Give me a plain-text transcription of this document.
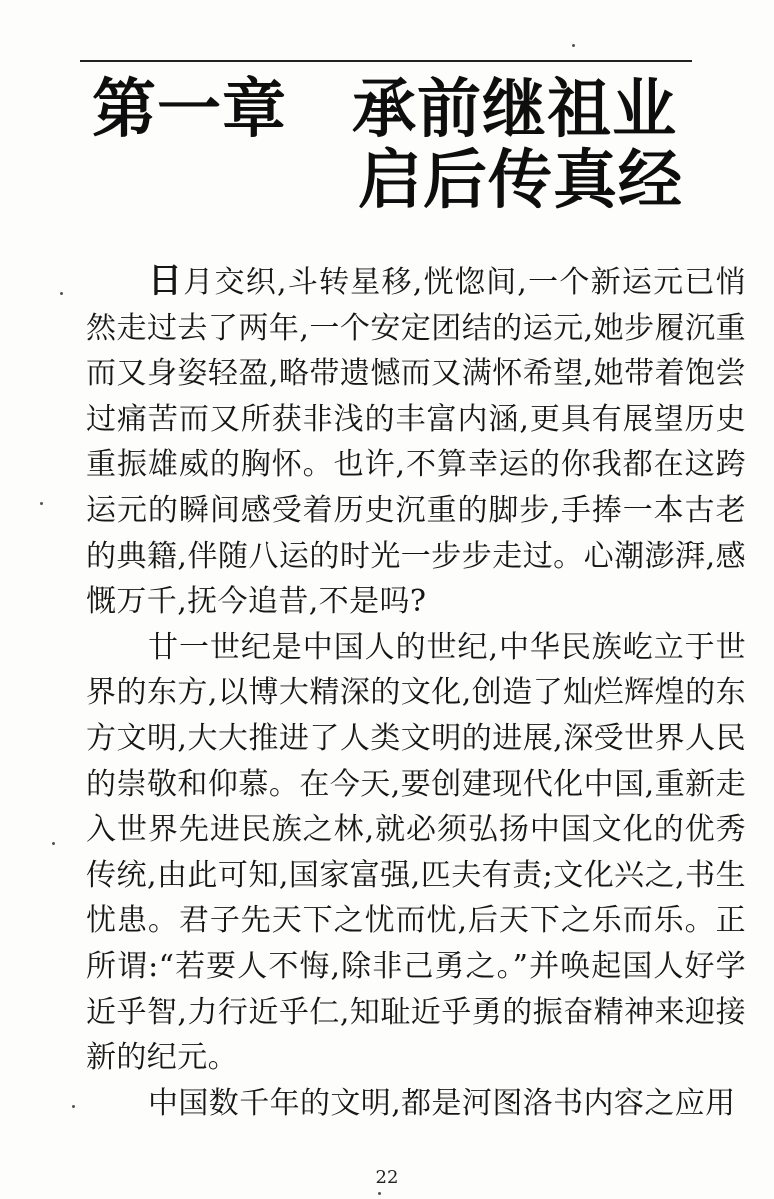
第一章 承前继祖业
启后传真经

日月交织,斗转星移,恍惚间,一个新运元已悄然走过去了两年,一个安定团结的运元,她步履沉重而又身姿轻盈,略带遗憾而又满怀希望,她带着饱尝过痛苦而又所获非浅的丰富内涵,更具有展望历史重振雄威的胸怀。也许,不算幸运的你我都在这跨运元的瞬间感受着历史沉重的脚步,手捧一本古老的典籍,伴随八运的时光一步步走过。心潮澎湃,感慨万千,抚今追昔,不是吗?

廿一世纪是中国人的世纪,中华民族屹立于世界的东方,以博大精深的文化,创造了灿烂辉煌的东方文明,大大推进了人类文明的进展,深受世界人民的崇敬和仰慕。在今天,要创建现代化中国,重新走入世界先进民族之林,就必须弘扬中国文化的优秀传统,由此可知,国家富强,匹夫有责;文化兴之,书生忧患。君子先天下之忧而忧,后天下之乐而乐。正所谓:“若要人不悔,除非己勇之。”并唤起国人好学近乎智,力行近乎仁,知耻近乎勇的振奋精神来迎接新的纪元。

中国数千年的文明,都是河图洛书内容之应用

22
